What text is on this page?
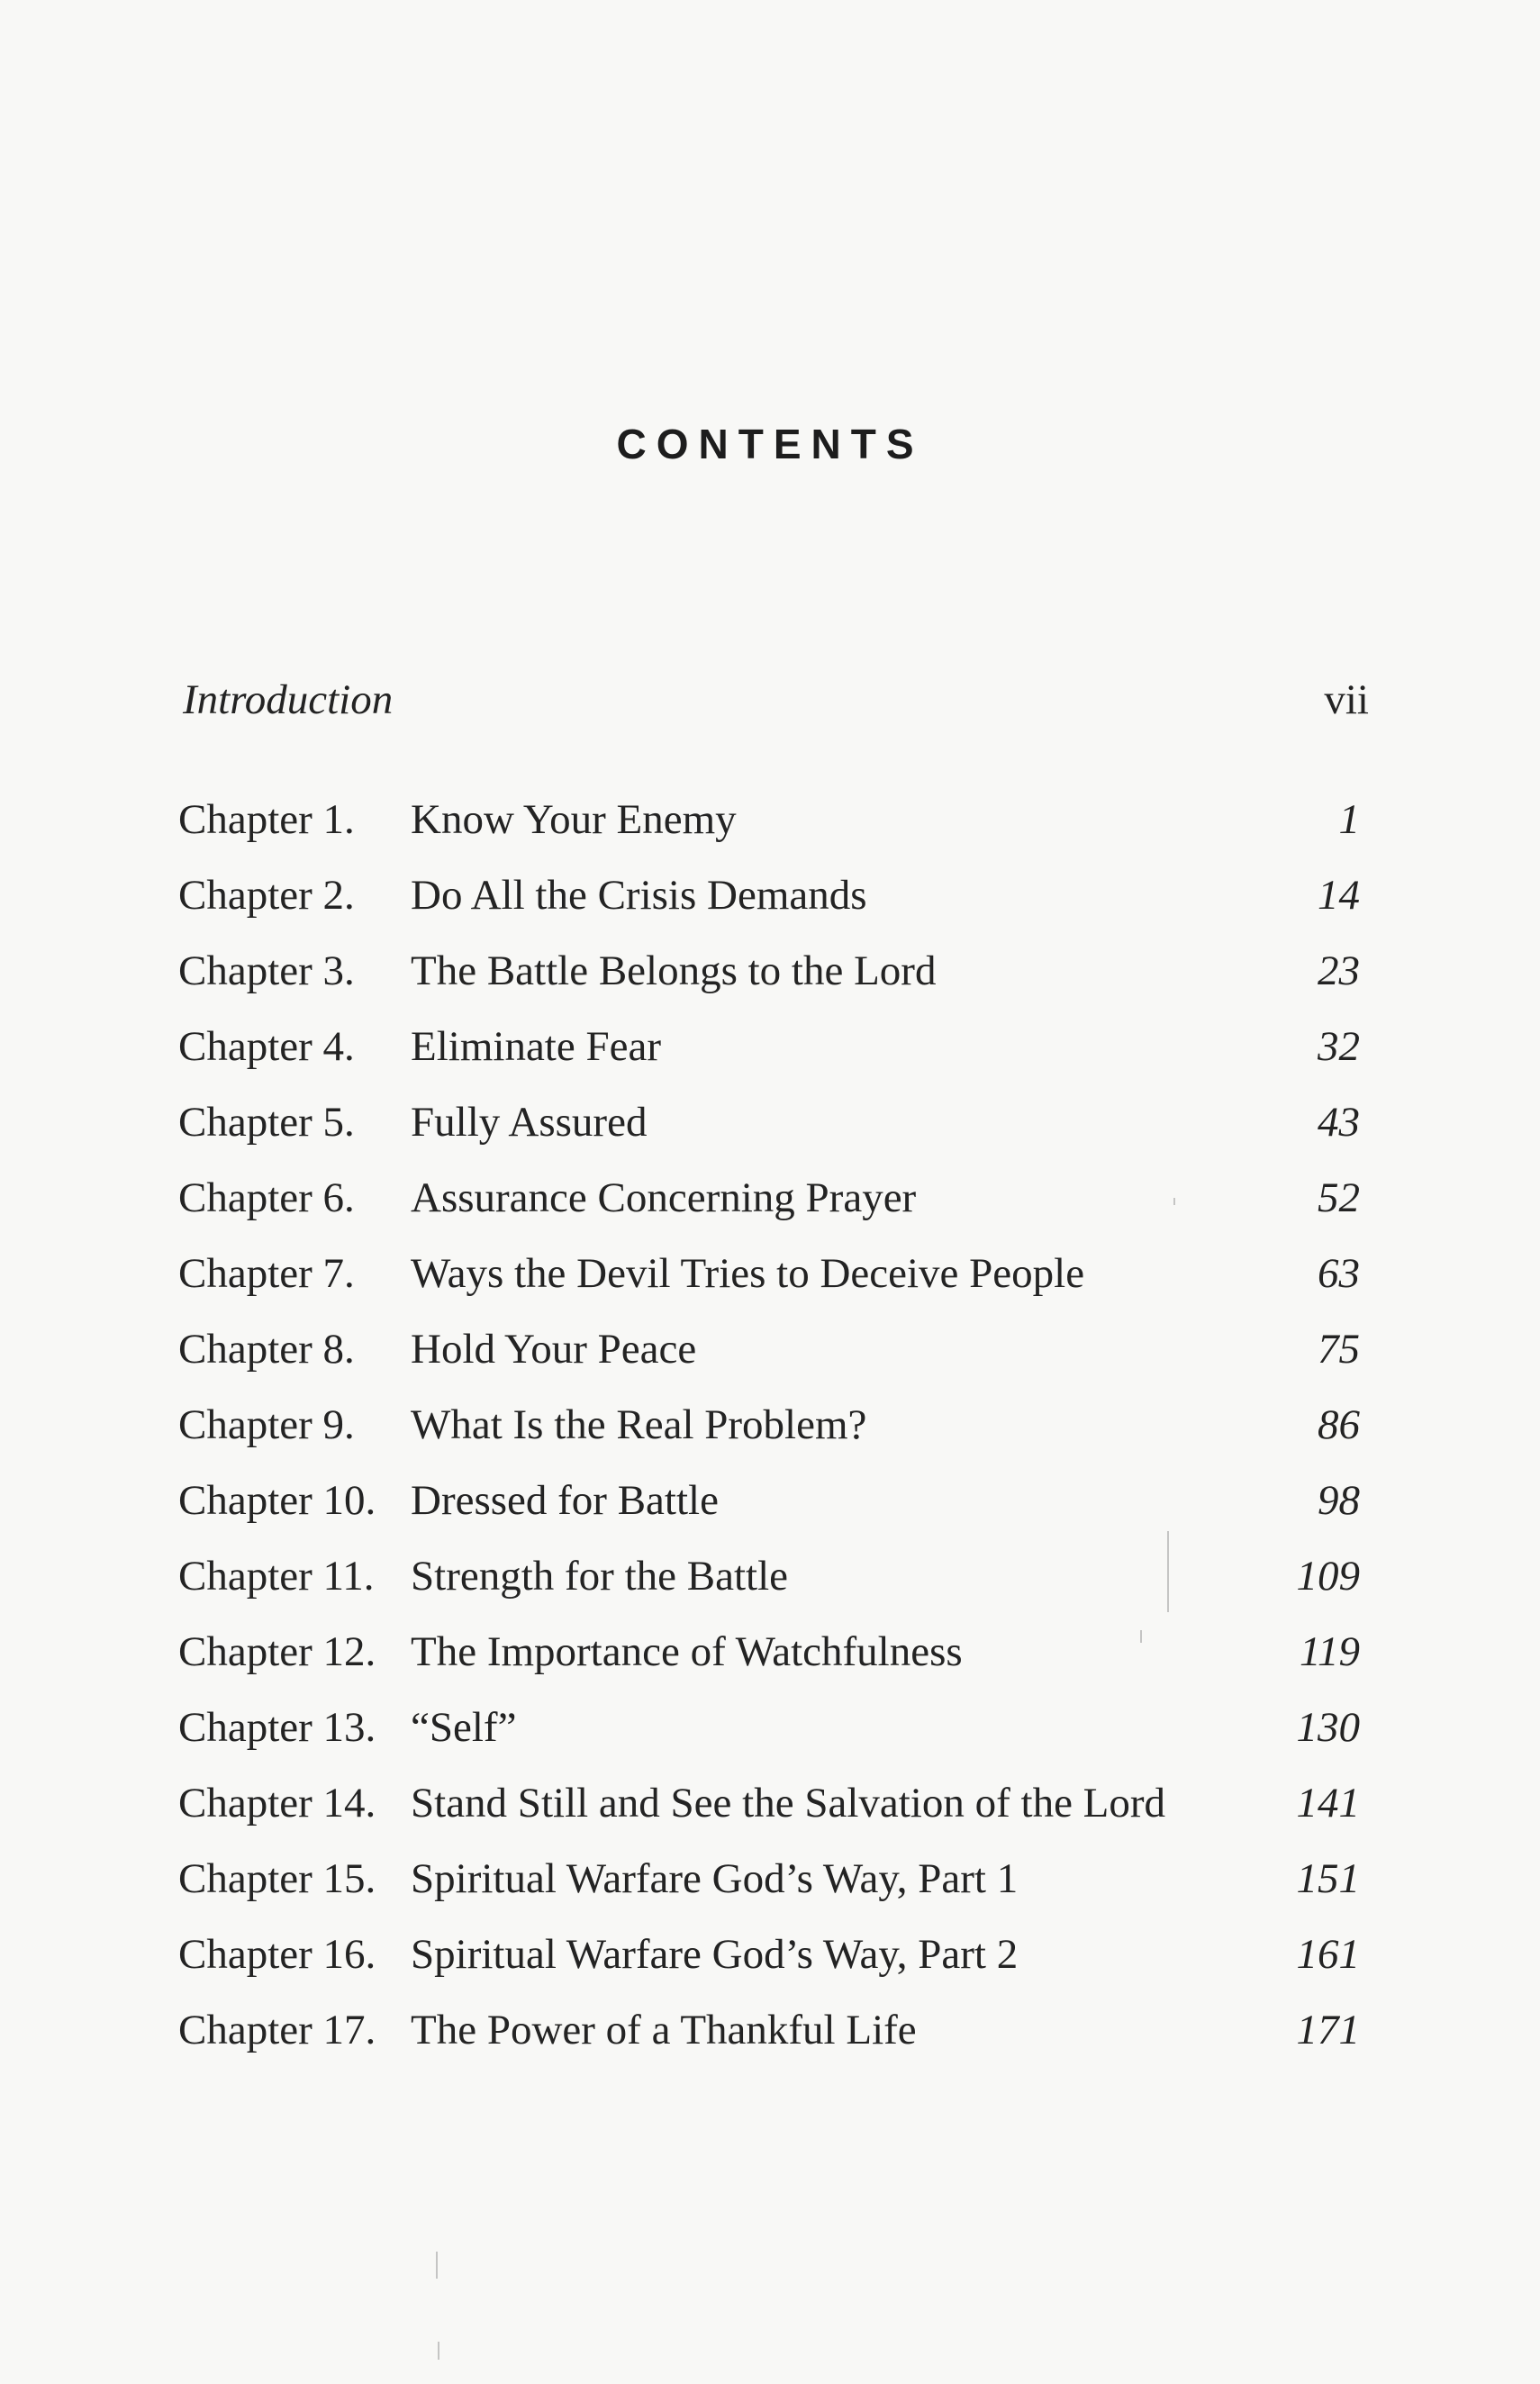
CONTENTS
Introduction	vii
Chapter 1. Know Your Enemy	1
Chapter 2. Do All the Crisis Demands	14
Chapter 3. The Battle Belongs to the Lord	23
Chapter 4. Eliminate Fear	32
Chapter 5. Fully Assured	43
Chapter 6. Assurance Concerning Prayer	52
Chapter 7. Ways the Devil Tries to Deceive People	63
Chapter 8. Hold Your Peace	75
Chapter 9. What Is the Real Problem?	86
Chapter 10. Dressed for Battle	98
Chapter 11. Strength for the Battle	109
Chapter 12. The Importance of Watchfulness	119
Chapter 13. “Self”	130
Chapter 14. Stand Still and See the Salvation of the Lord	141
Chapter 15. Spiritual Warfare God’s Way, Part 1	151
Chapter 16. Spiritual Warfare God’s Way, Part 2	161
Chapter 17. The Power of a Thankful Life	171
